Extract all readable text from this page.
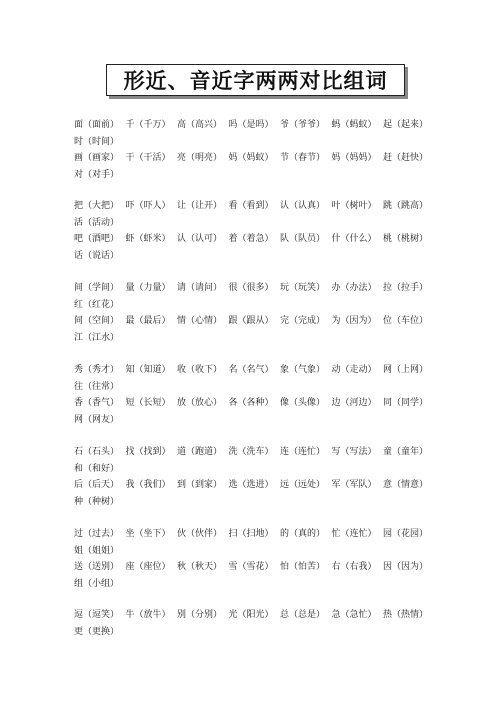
形近、音近字两两对比组词
面（面前） 千（千万） 高（高兴） 吗（是吗） 爷（爷爷） 蚂（蚂蚁） 起（起来）
时（时间）
画（画家） 干（干活） 亮（明亮） 妈（妈蚁） 节（春节） 妈（妈妈） 赶（赶快）
对（对手）
把（大把） 吓（吓人） 让（让开） 看（看到） 认（认真） 叶（树叶） 跳（跳高）
活（活动）
吧（酒吧） 虾（虾米） 认（认可） 着（着急） 队（队员） 什（什么） 桃（桃树）
话（说话）
间（学间） 量（力量） 请（请问） 很（很多） 玩（玩笑） 办（办法） 拉（拉手）
红（红花）
间（空间） 最（最后） 情（心情） 跟（跟从） 完（完成） 为（因为） 位（车位）
江（江水）
秀（秀才） 知（知道） 收（收下） 名（名气） 象（气象） 动（走动） 网（上网）
往（往常）
香（香气） 短（长短） 放（放心） 各（各种） 像（头像） 边（河边） 同（同学）
网（网友）
石（石头） 找（找到） 道（跑道） 洗（洗车） 连（连忙） 写（写法） 童（童年）
和（和好）
后（后天） 我（我们） 到（到家） 选（选进） 远（远处） 军（军队） 意（情意）
种（种树）
过（过去） 坐（坐下） 伙（伙伴） 扫（扫地） 的（真的） 忙（连忙） 园（花园）
姐（姐姐）
送（送别） 座（座位） 秋（秋天） 雪（雪花） 怕（怕苦） 右（右我） 因（因为）
组（小组）
逗（逗笑） 牛（放牛） 别（分别） 光（阳光） 总（总是） 急（急忙） 热（热情）
更（更换）
